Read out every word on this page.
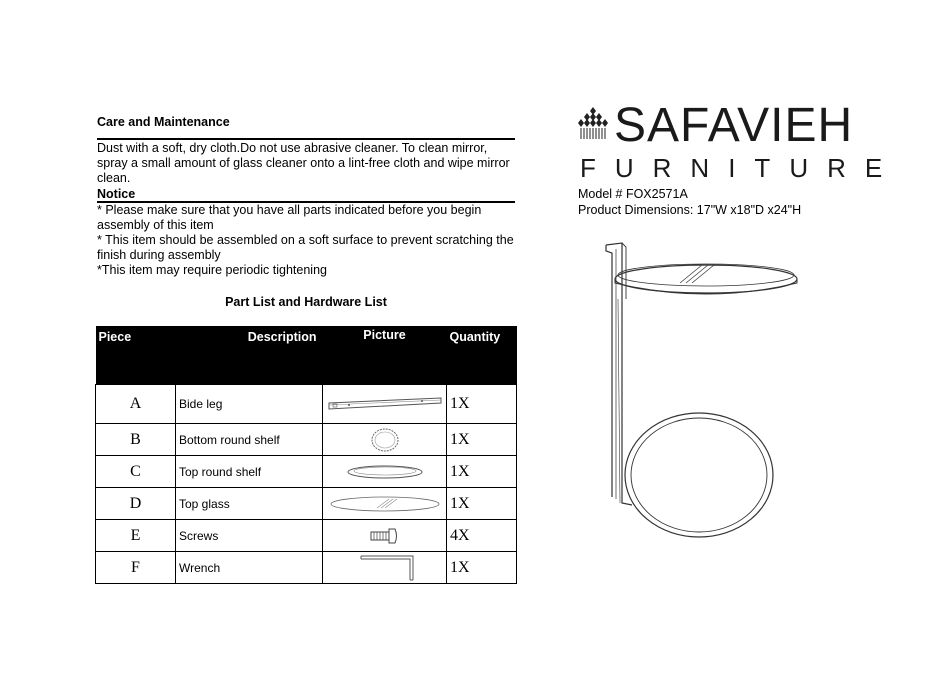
Care and Maintenance
Dust with a soft, dry cloth.Do not use abrasive cleaner. To clean mirror, spray a small amount of glass cleaner onto a lint-free cloth and wipe mirror clean.
Notice
* Please make sure that you have all parts indicated before you begin assembly of this item
* This item should be assembled on a soft surface to prevent scratching the finish during assembly
*This item may require periodic tightening
Part List and Hardware List
Piece	Description	Picture	Quantity
A	Bide leg		1X
B	Bottom round shelf		1X
C	Top round shelf		1X
D	Top glass		1X
E	Screws		4X
F	Wrench		1X
SAFAVIEH
FURNITURE
Model # FOX2571A
Product Dimensions: 17"W x18"D x24"H
